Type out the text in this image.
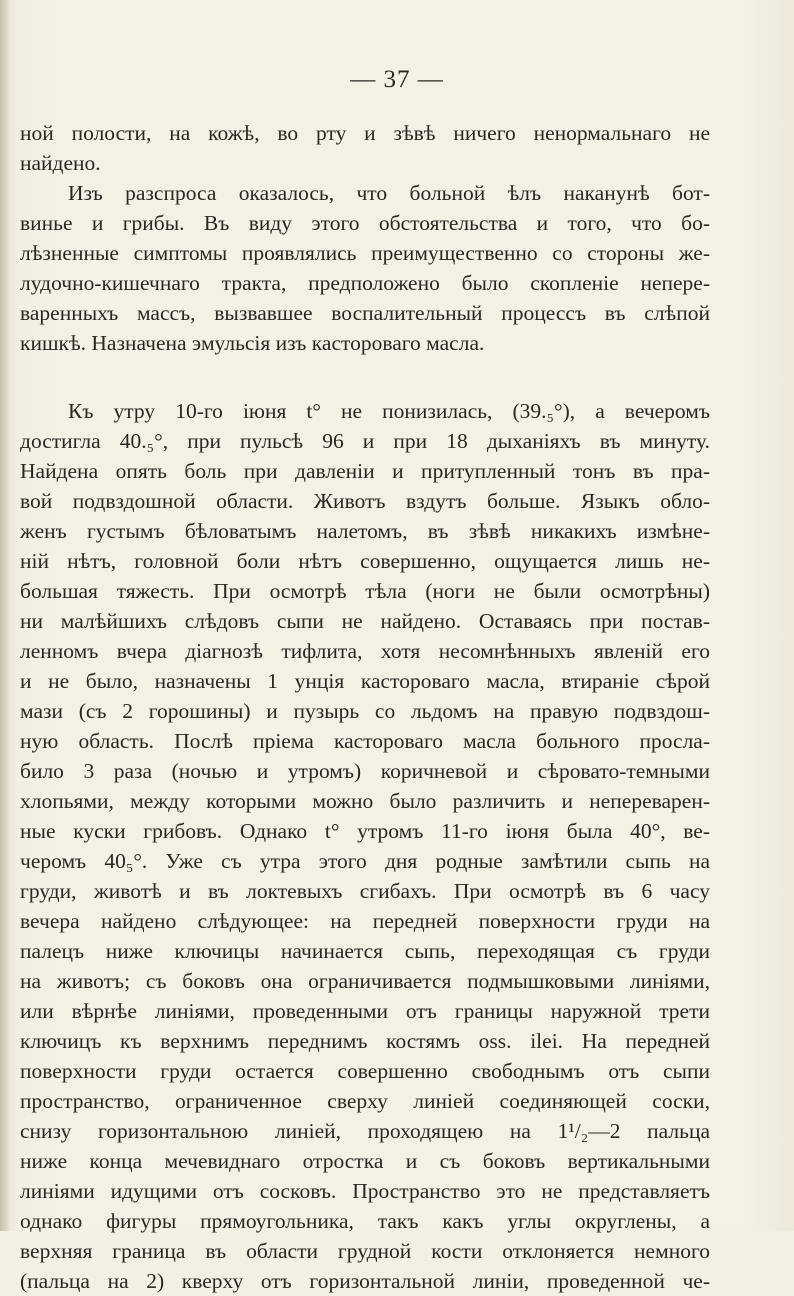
— 37 —
ной полости, на кожѣ, во рту и зѣвѣ ничего ненормальнаго не
найдено.
Изъ разспроса оказалось, что больной ѣлъ наканунѣ бот-
винье и грибы. Въ виду этого обстоятельства и того, что бо-
лѣзненные симптомы проявлялись преимущественно со стороны же-
лудочно-кишечнаго тракта, предположено было скопленіе непере-
варенныхъ массъ, вызвавшее воспалительный процессъ въ слѣпой
кишкѣ. Назначена эмульсія изъ кастороваго масла.
Къ утру 10-го іюня t° не понизилась, (39.₅°), а вечеромъ
достигла 40.₅°, при пульсѣ 96 и при 18 дыханіяхъ въ минуту.
Найдена опять боль при давленіи и притупленный тонъ въ пра-
вой подвздошной области. Животъ вздутъ больше. Языкъ обло-
женъ густымъ бѣловатымъ налетомъ, въ зѣвѣ никакихъ измѣне-
ній нѣтъ, головной боли нѣтъ совершенно, ощущается лишь не-
большая тяжесть. При осмотрѣ тѣла (ноги не были осмотрѣны)
ни малѣйшихъ слѣдовъ сыпи не найдено. Оставаясь при постав-
ленномъ вчера діагнозѣ тифлита, хотя несомнѣнныхъ явленій его
и не было, назначены 1 унція кастороваго масла, втираніе сѣрой
мази (съ 2 горошины) и пузырь со льдомъ на правую подвздош-
ную область. Послѣ пріема кастороваго масла больного просла-
било 3 раза (ночью и утромъ) коричневой и сѣровато-темными
хлопьями, между которыми можно было различить и непереварен-
ные куски грибовъ. Однако t° утромъ 11-го іюня была 40°, ве-
черомъ 40₅°. Уже съ утра этого дня родные замѣтили сыпь на
груди, животѣ и въ локтевыхъ сгибахъ. При осмотрѣ въ 6 часу
вечера найдено слѣдующее: на передней поверхности груди на
палецъ ниже ключицы начинается сыпь, переходящая съ груди
на животъ; съ боковъ она ограничивается подмышковыми линіями,
или вѣрнѣе линіями, проведенными отъ границы наружной трети
ключицъ къ верхнимъ переднимъ костямъ oss. ilei. На передней
поверхности груди остается совершенно свободнымъ отъ сыпи
пространство, ограниченное сверху линіей соединяющей соски,
снизу горизонтальною линіей, проходящею на 1¹/₂—2 пальца
ниже конца мечевиднаго отростка и съ боковъ вертикальными
линіями идущими отъ сосковъ. Пространство это не представляетъ
однако фигуры прямоугольника, такъ какъ углы округлены, а
верхняя граница въ области грудной кости отклоняется немного
(пальца на 2) кверху отъ горизонтальной линіи, проведенной че-
